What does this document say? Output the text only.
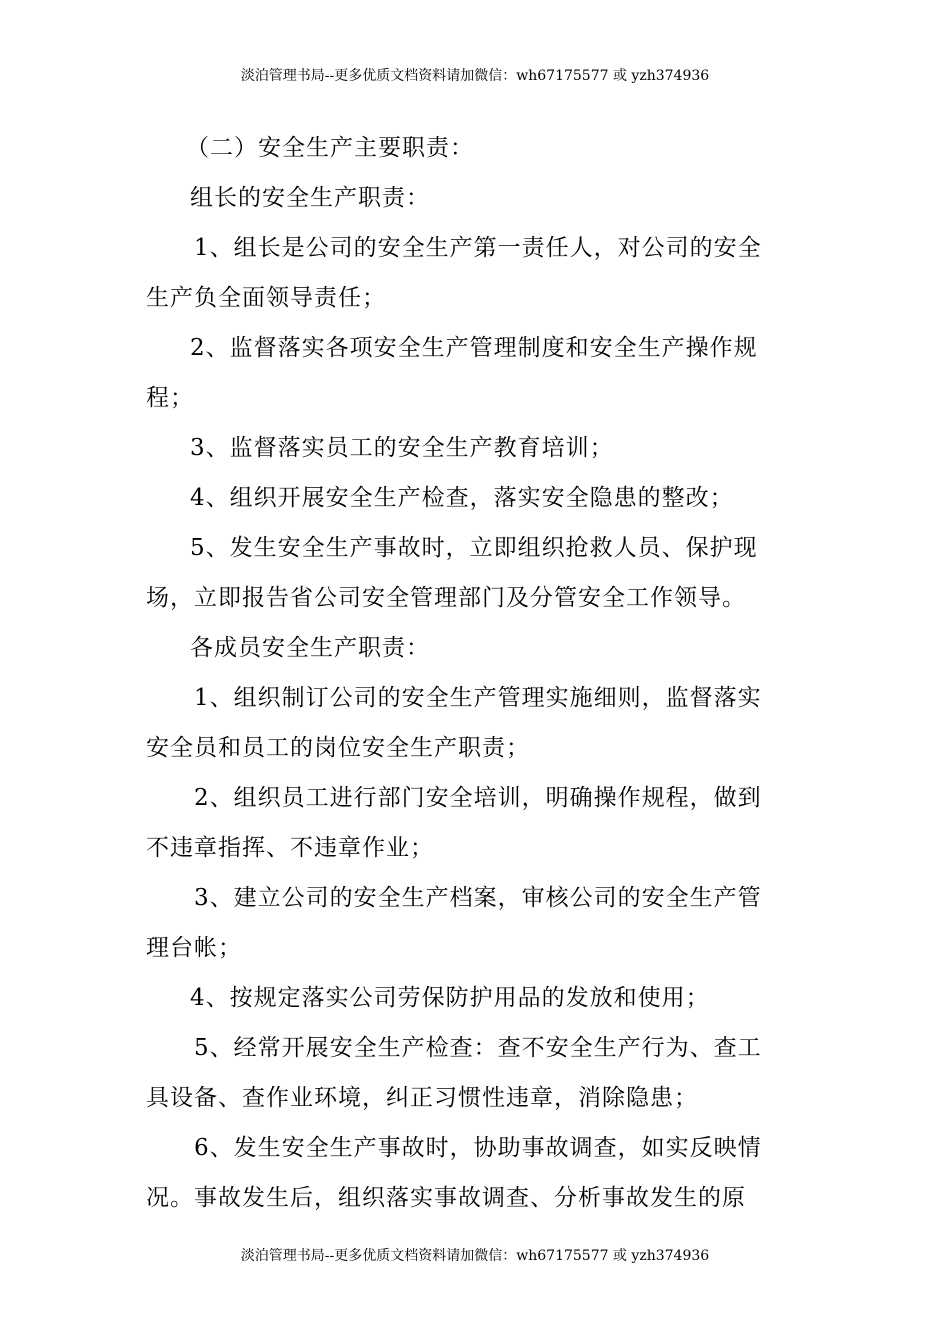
淡泊管理书局--更多优质文档资料请加微信：wh67175577 或 yzh374936
（二）安全生产主要职责：
组长的安全生产职责：
1、组长是公司的安全生产第一责任人，对公司的安全
生产负全面领导责任；
2、监督落实各项安全生产管理制度和安全生产操作规
程；
3、监督落实员工的安全生产教育培训；
4、组织开展安全生产检查，落实安全隐患的整改；
5、发生安全生产事故时，立即组织抢救人员、保护现
场，立即报告省公司安全管理部门及分管安全工作领导。
各成员安全生产职责：
1、组织制订公司的安全生产管理实施细则，监督落实
安全员和员工的岗位安全生产职责；
2、组织员工进行部门安全培训，明确操作规程，做到
不违章指挥、不违章作业；
3、建立公司的安全生产档案，审核公司的安全生产管
理台帐；
4、按规定落实公司劳保防护用品的发放和使用；
5、经常开展安全生产检查：查不安全生产行为、查工
具设备、查作业环境，纠正习惯性违章，消除隐患；
6、发生安全生产事故时，协助事故调查，如实反映情
况。事故发生后，组织落实事故调查、分析事故发生的原
淡泊管理书局--更多优质文档资料请加微信：wh67175577 或 yzh374936
